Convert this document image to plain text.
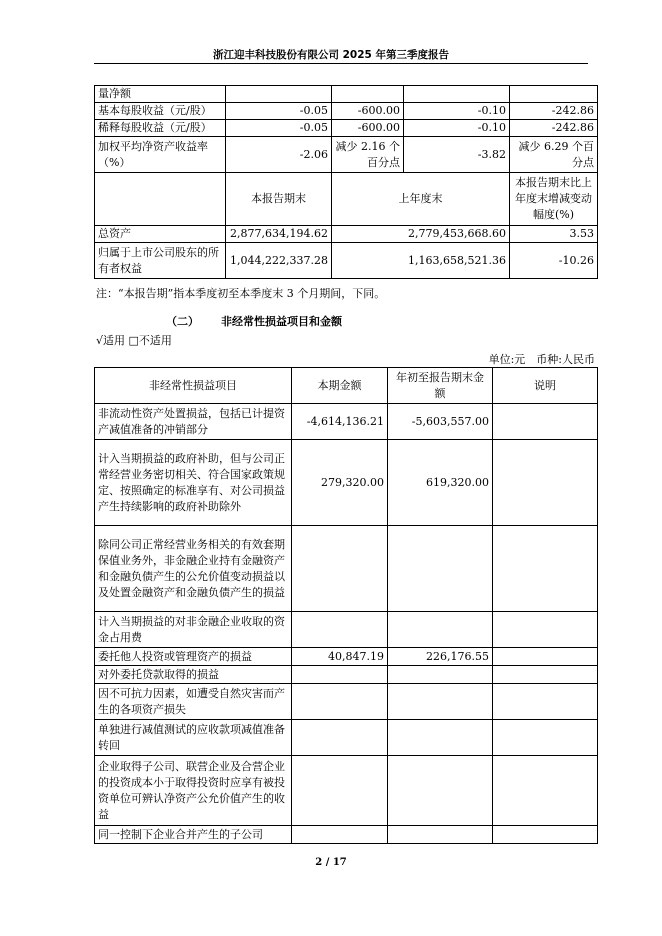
浙江迎丰科技股份有限公司 2025 年第三季度报告
量净额				
基本每股收益（元/股）	-0.05	-600.00	-0.10	-242.86
稀释每股收益（元/股）	-0.05	-600.00	-0.10	-242.86
加权平均净资产收益率（%）	-2.06	减少 2.16 个百分点	-3.82	减少 6.29 个百分点
	本报告期末	上年度末		本报告期末比上年度末增减变动幅度(%)
总资产	2,877,634,194.62	2,779,453,668.60		3.53
归属于上市公司股东的所有者权益	1,044,222,337.28	1,163,658,521.36		-10.26
注：“本报告期”指本季度初至本季度末 3 个月期间，下同。
（二） 非经常性损益项目和金额
√适用 □不适用
单位:元　币种:人民币
非经常性损益项目	本期金额	年初至报告期末金额	说明
非流动性资产处置损益，包括已计提资产减值准备的冲销部分	-4,614,136.21	-5,603,557.00	
计入当期损益的政府补助，但与公司正常经营业务密切相关、符合国家政策规定、按照确定的标准享有、对公司损益产生持续影响的政府补助除外	279,320.00	619,320.00	
除同公司正常经营业务相关的有效套期保值业务外，非金融企业持有金融资产和金融负债产生的公允价值变动损益以及处置金融资产和金融负债产生的损益			
计入当期损益的对非金融企业收取的资金占用费			
委托他人投资或管理资产的损益	40,847.19	226,176.55	
对外委托贷款取得的损益			
因不可抗力因素，如遭受自然灾害而产生的各项资产损失			
单独进行减值测试的应收款项减值准备转回			
企业取得子公司、联营企业及合营企业的投资成本小于取得投资时应享有被投资单位可辨认净资产公允价值产生的收益			
同一控制下企业合并产生的子公司			
2 / 17
